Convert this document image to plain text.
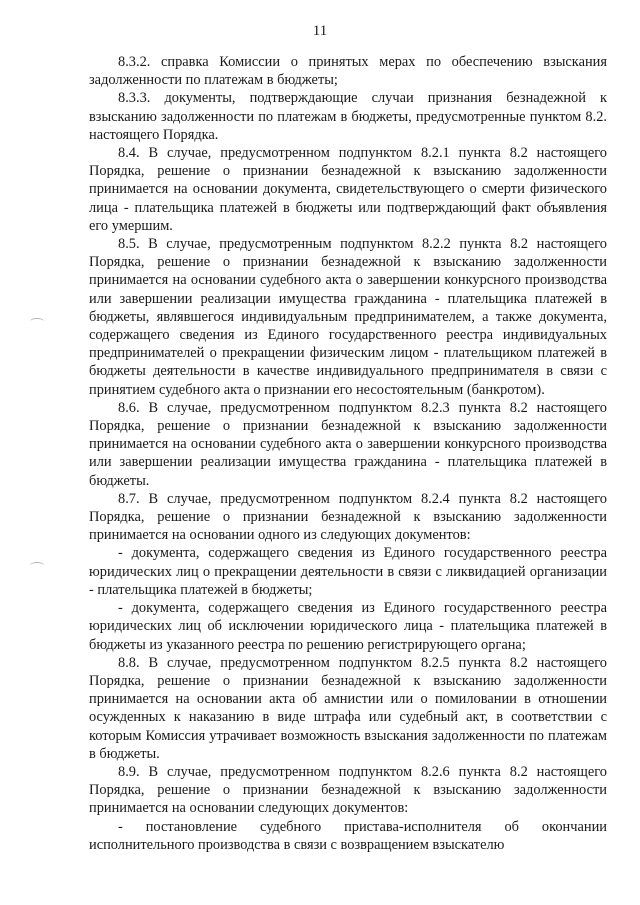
11

8.3.2. справка Комиссии о принятых мерах по обеспечению взыскания задолженности по платежам в бюджеты;

8.3.3. документы, подтверждающие случаи признания безнадежной к взысканию задолженности по платежам в бюджеты, предусмотренные пунктом 8.2. настоящего Порядка.

8.4. В случае, предусмотренном подпунктом 8.2.1 пункта 8.2 настоящего Порядка, решение о признании безнадежной к взысканию задолженности принимается на основании документа, свидетельствующего о смерти физического лица - плательщика платежей в бюджеты или подтверждающий факт объявления его умершим.

8.5. В случае, предусмотренным подпунктом 8.2.2 пункта 8.2 настоящего Порядка, решение о признании безнадежной к взысканию задолженности принимается на основании судебного акта о завершении конкурсного производства или завершении реализации имущества гражданина - плательщика платежей в бюджеты, являвшегося индивидуальным предпринимателем, а также документа, содержащего сведения из Единого государственного реестра индивидуальных предпринимателей о прекращении физическим лицом - плательщиком платежей в бюджеты деятельности в качестве индивидуального предпринимателя в связи с принятием судебного акта о признании его несостоятельным (банкротом).

8.6. В случае, предусмотренном подпунктом 8.2.3 пункта 8.2 настоящего Порядка, решение о признании безнадежной к взысканию задолженности принимается на основании судебного акта о завершении конкурсного производства или завершении реализации имущества гражданина - плательщика платежей в бюджеты.

8.7. В случае, предусмотренном подпунктом 8.2.4 пункта 8.2 настоящего Порядка, решение о признании безнадежной к взысканию задолженности принимается на основании одного из следующих документов:

- документа, содержащего сведения из Единого государственного реестра юридических лиц о прекращении деятельности в связи с ликвидацией организации - плательщика платежей в бюджеты;

- документа, содержащего сведения из Единого государственного реестра юридических лиц об исключении юридического лица - плательщика платежей в бюджеты из указанного реестра по решению регистрирующего органа;

8.8. В случае, предусмотренном подпунктом 8.2.5 пункта 8.2 настоящего Порядка, решение о признании безнадежной к взысканию задолженности принимается на основании акта об амнистии или о помиловании в отношении осужденных к наказанию в виде штрафа или судебный акт, в соответствии с которым Комиссия утрачивает возможность взыскания задолженности по платежам в бюджеты.

8.9. В случае, предусмотренном подпунктом 8.2.6 пункта 8.2 настоящего Порядка, решение о признании безнадежной к взысканию задолженности принимается на основании следующих документов:

- постановление судебного пристава-исполнителя об окончании исполнительного производства в связи с возвращением взыскателю
